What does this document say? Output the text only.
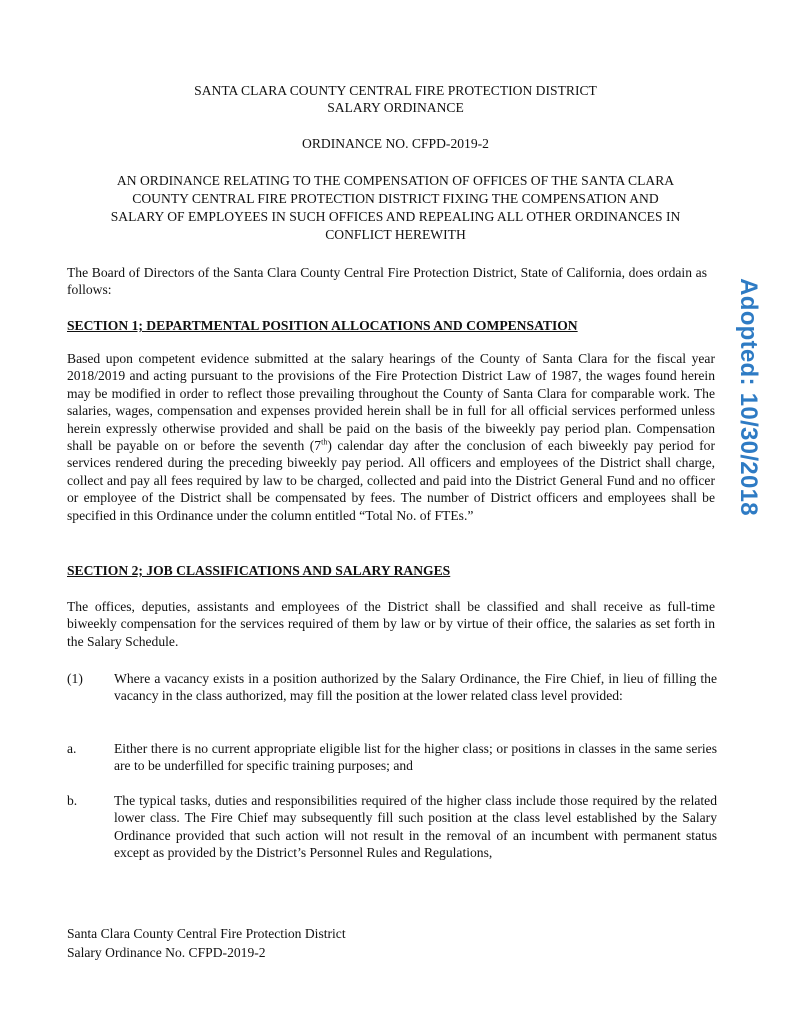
SANTA CLARA COUNTY CENTRAL FIRE PROTECTION DISTRICT
SALARY ORDINANCE
ORDINANCE NO. CFPD-2019-2
AN ORDINANCE RELATING TO THE COMPENSATION OF OFFICES OF THE SANTA CLARA
COUNTY CENTRAL FIRE PROTECTION DISTRICT FIXING THE COMPENSATION AND
SALARY OF EMPLOYEES IN SUCH OFFICES AND REPEALING ALL OTHER ORDINANCES IN
CONFLICT HEREWITH
The Board of Directors of the Santa Clara County Central Fire Protection District, State of California, does ordain as follows:	Adopted: 10/30/2018
SECTION 1; DEPARTMENTAL POSITION ALLOCATIONS AND COMPENSATION
Based upon competent evidence submitted at the salary hearings of the County of Santa Clara for the fiscal year 2018/2019 and acting pursuant to the provisions of the Fire Protection District Law of 1987, the wages found herein may be modified in order to reflect those prevailing throughout the County of Santa Clara for comparable work. The salaries, wages, compensation and expenses provided herein shall be in full for all official services performed unless herein expressly otherwise provided and shall be paid on the basis of the biweekly pay period plan. Compensation shall be payable on or before the seventh (7th) calendar day after the conclusion of each biweekly pay period for services rendered during the preceding biweekly pay period. All officers and employees of the District shall charge, collect and pay all fees required by law to be charged, collected and paid into the District General Fund and no officer or employee of the District shall be compensated by fees. The number of District officers and employees shall be specified in this Ordinance under the column entitled “Total No. of FTEs.”
SECTION 2; JOB CLASSIFICATIONS AND SALARY RANGES
The offices, deputies, assistants and employees of the District shall be classified and shall receive as full-time biweekly compensation for the services required of them by law or by virtue of their office, the salaries as set forth in the Salary Schedule.
(1) Where a vacancy exists in a position authorized by the Salary Ordinance, the Fire Chief, in lieu of filling the vacancy in the class authorized, may fill the position at the lower related class level provided:
a.	Either there is no current appropriate eligible list for the higher class; or positions in classes in the same series are to be underfilled for specific training purposes; and
b.	The typical tasks, duties and responsibilities required of the higher class include those required by the related lower class. The Fire Chief may subsequently fill such position at the class level established by the Salary Ordinance provided that such action will not result in the removal of an incumbent with permanent status except as provided by the District’s Personnel Rules and Regulations,
Santa Clara County Central Fire Protection District
Salary Ordinance No. CFPD-2019-2
